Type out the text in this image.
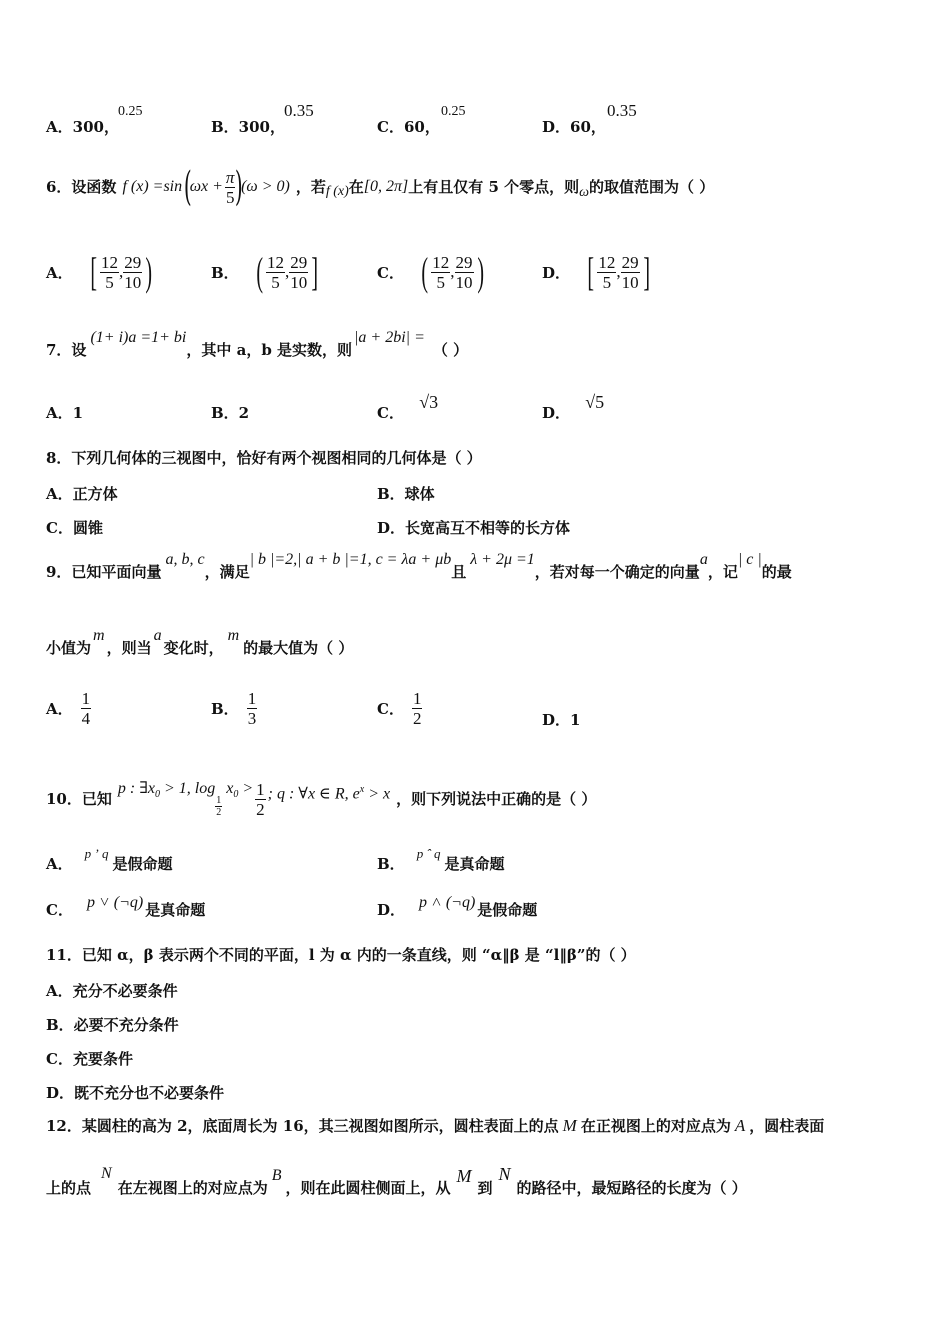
A．300，
0.25
B．300，
0.35
C．60，
0.25
D．60，
0.35
6．设函数 f (x) =sin (
$\omega x + \frac{\pi}{5}$ )
(ω > 0) ，若 f (x) 在 [0, 2π] 上有且仅有 5 个零点，则 ω 的取值范围为（ ）
A． [ $\frac{12}{5}$ , $\frac{29}{10}$ )	B． ( $\frac{12}{5}$ , $\frac{29}{10}$ ]	C． ( $\frac{12}{5}$ , $\frac{29}{10}$ )	D． [ $\frac{12}{5}$ , $\frac{29}{10}$ ]
7．设
(1+ i)a =1+ bi
，其中 a，b 是实数，则
|a + 2bi| =
（ ）
A．1	B．2	C． √3
D． √5
8．下列几何体的三视图中，恰好有两个视图相同的几何体是（ ）
A．正方体	B．球体
C．圆锥	D．长宽高互不相等的长方体
9．已知平面向量
a, b, c
，满足
| b |=2,| a + b |=1, c = λa + μb
且
λ + 2μ =1
，若对每一个确定的向量
a
，记
| c |
的最
小值为
m
，则当
a
变化时，
m
的最大值为（ ）
A． $\frac{1}{4}$	B． $\frac{1}{3}$	C． $\frac{1}{2}$	D．1
10．已知
p : $\exists x_0 > 1$, log
$\frac{1}{2}$
$x_0 > \frac{1}{2}$ ; q : ∀x ∈ R, $e^x > x$ ，则下列说法中正确的是（ ）
A．
p ʼ q
是假命题	B．
p ˆ q
是真命题
C． p ˅ (¬q) 是真命题	D． p ˄ (¬q) 是假命题
11．已知 α，β 表示两个不同的平面，l 为 α 内的一条直线，则 “α‖β 是 “l‖β”的（ ）
A．充分不必要条件
B．必要不充分条件
C．充要条件
D．既不充分也不必要条件
12．某圆柱的高为 2，底面周长为 16，其三视图如图所示，圆柱表面上的点 M 在正视图上的对应点为 A ，圆柱表面
上的点
N
在左视图上的对应点为
B
，则在此圆柱侧面上，从
M
到
N
的路径中，最短路径的长度为（ ）
